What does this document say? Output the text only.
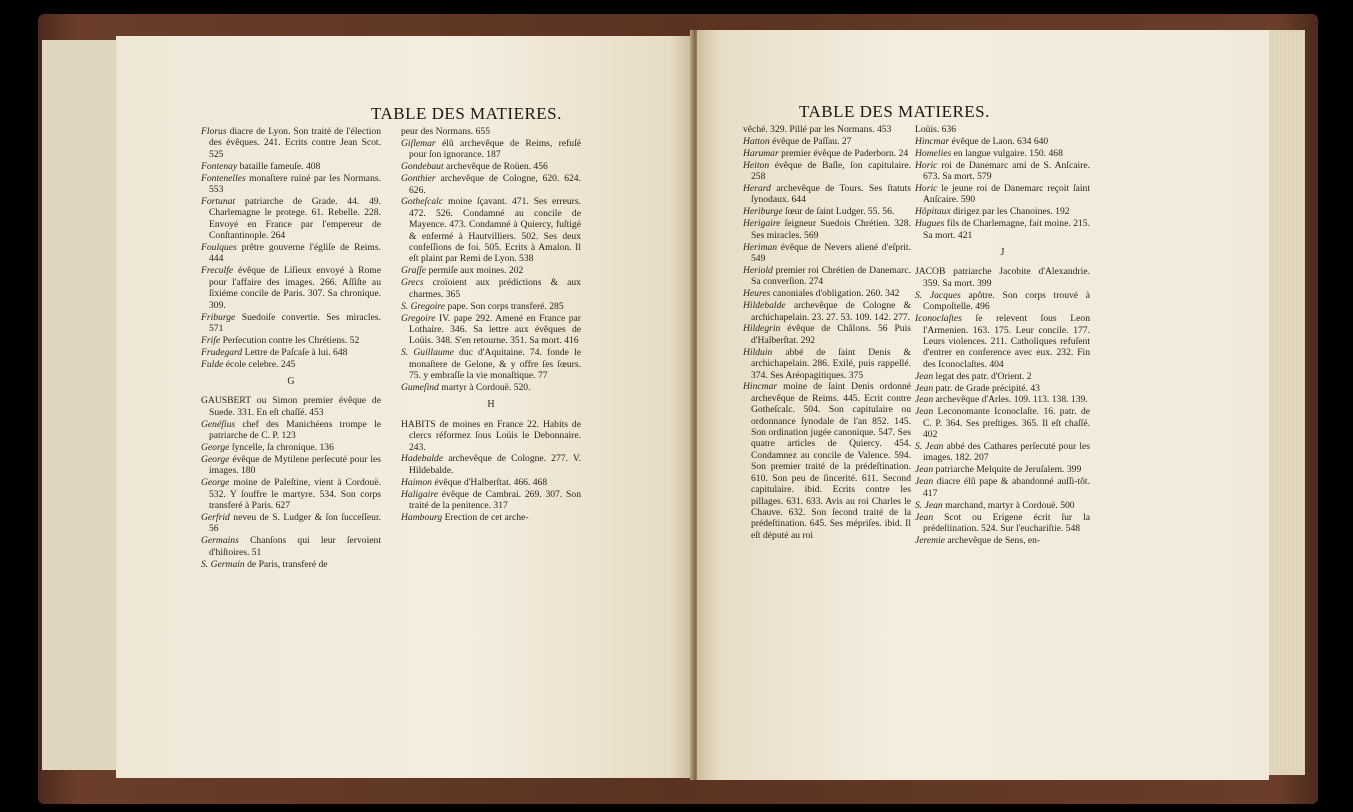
TABLE DES MATIERES.
Florus diacre de Lyon. Son traité de l'élection des évêques. 241. Ecrits contre Jean Scot. 525
Fontenay bataille fameuſe. 408
Fontenelles monaſtere ruiné par les Normans. 553
Fortunat patriarche de Grade. 44. 49. Charlemagne le protege. 61. Rebelle. 228. Envoyé en France par l'empereur de Conſtantinople. 264
Foulques prêtre gouverne l'égliſe de Reims. 444
Freculfe évêque de Liſieux envoyé à Rome pour l'affaire des images. 266. Aſſiſte au ſixiéme concile de Paris. 307. Sa chronique. 309.
Friburge Suedoiſe convertie. Ses miracles. 571
Friſe Perſecution contre les Chrétiens. 52
Frudegard Lettre de Paſcaſe à lui. 648
Fulde école celebre. 245
G
GAUSBERT ou Simon premier évêque de Suede. 331. En eſt chaſſé. 453
Genéſius chef des Manichéens trompe le patriarche de C. P. 123
George ſyncelle, ſa chronique. 136
George évêque de Mytilene perſecuté pour les images. 180
George moine de Paleſtine, vient à Cordouë. 532. Y ſouffre le martyre. 534. Son corps transferé à Paris. 627
Gerfrid neveu de S. Ludger & ſon ſucceſſeur. 56
Germains Chanſons qui leur ſervoient d'hiſtoires. 51
S. Germain de Paris, transferé de
peur des Normans. 655
Giſlemar élû archevêque de Reims, refuſé pour ſon ignorance. 187
Gondebaut archevêque de Roüen. 456
Gonthier archevêque de Cologne, 620. 624. 626.
Gotheſcalc moine ſçavant. 471. Ses erreurs. 472. 526. Condamné au concile de Mayence. 473. Condamné à Quiercy, fuſtigé & enfermé à Hautvilliers. 502. Ses deux confeſſions de foi. 505. Ecrits à Amalon. Il eſt plaint par Remi de Lyon. 538
Graſſe permiſe aux moines. 202
Grecs croïoient aux prédictions & aux charmes. 365
S. Gregoire pape. Son corps transferé. 285
Gregoire IV. pape 292. Amené en France par Lothaire. 346. Sa lettre aux évêques de Loüis. 348. S'en retourne. 351. Sa mort. 416
S. Guillaume duc d'Aquitaine. 74. fonde le monaſtere de Gelone, & y offre ſes ſœurs. 75. y embraſſe la vie monaſtique. 77
Gumeſind martyr à Cordouë. 520.
H
HABITS de moines en France 22. Habits de clercs réformez ſous Loüis le Debonnaire. 243.
Hadebalde archevêque de Cologne. 277. V. Hildebalde.
Haimon évêque d'Halberſtat. 466. 468
Haligaire évêque de Cambrai. 269. 307. Son traité de la penitence. 317
Hambourg Erection de cet arche-
TABLE DES MATIERES.
vêché. 329. Pillé par les Normans. 453
Hatton évêque de Paſſau. 27
Harumar premier évêque de Paderborn. 24
Heiton évêque de Baſle, ſon capitulaire. 258
Herard archevêque de Tours. Ses ſtatuts ſynodaux. 644
Heriburge ſœur de ſaint Ludger. 55. 56.
Herigaire ſeigneur Suedois Chrétien. 328. Ses miracles. 569
Heriman évêque de Nevers aliené d'eſprit. 549
Heriold premier roi Chrétien de Danemarc. Sa converſion. 274
Heures canoniales d'obligation. 260. 342
Hildebalde archevêque de Cologne & archichapelain. 23. 27. 53. 109. 142. 277.
Hildegrin évêque de Châlons. 56 Puis d'Halberſtat. 292
Hilduin abbé de ſaint Denis & archichapelain. 286. Exilé, puis rappellé. 374. Ses Aréopagitiques. 375
Hincmar moine de ſaint Denis ordonné archevêque de Reims. 445. Ecrit contre Gotheſcalc. 504. Son capitulaire ou ordonnance ſynodale de l'an 852. 145. Son ordination jugée canonique. 547. Ses quatre articles de Quiercy. 454. Condamnez au concile de Valence. 594. Son premier traité de la prédeſtination. 610. Son peu de ſincerité. 611. Second capitulaire. ibid. Ecrits contre les pillages. 631. 633. Avis au roi Charles le Chauve. 632. Son ſecond traité de la prédeſtination. 645. Ses mépriſes. ibid. Il eſt député au roi
Loüis. 636
Hincmar évêque de Laon. 634 640
Homelies en langue vulgaire. 150. 468
Horic roi de Danemarc ami de S. Anſcaire. 673. Sa mort. 579
Horic le jeune roi de Danemarc reçoit ſaint Anſcaire. 590
Hôpitaux dirigez par les Chanoines. 192
Hugues fils de Charlemagne, fait moine. 215. Sa mort. 421
J
JACOB patriarche Jacobite d'Alexandrie. 359. Sa mort. 399
S. Jacques apôtre. Son corps trouvé à Compoſtelle. 496
Iconoclaſtes ſe relevent ſous Leon l'Armenien. 163. 175. Leur concile. 177. Leurs violences. 211. Catholiques refuſent d'entrer en conference avec eux. 232. Fin des Iconoclaſtes. 404
Jean legat des patr. d'Orient. 2
Jean patr. de Grade précipité. 43
Jean archevêque d'Arles. 109. 113. 138. 139.
Jean Leconomante Iconoclaſte. 16. patr. de C. P. 364. Ses preſtiges. 365. Il eſt chaſſé. 402
S. Jean abbé des Cathares perſecuté pour les images. 182. 207
Jean patriarche Melquite de Jeruſalem. 399
Jean diacre élû pape & abandonné auſſi-tôt. 417
S. Jean marchand, martyr à Cordouë. 500
Jean Scot ou Erigene écrit ſur la prédeſtination. 524. Sur l'euchariſtie. 548
Jeremie archevêque de Sens, en-
